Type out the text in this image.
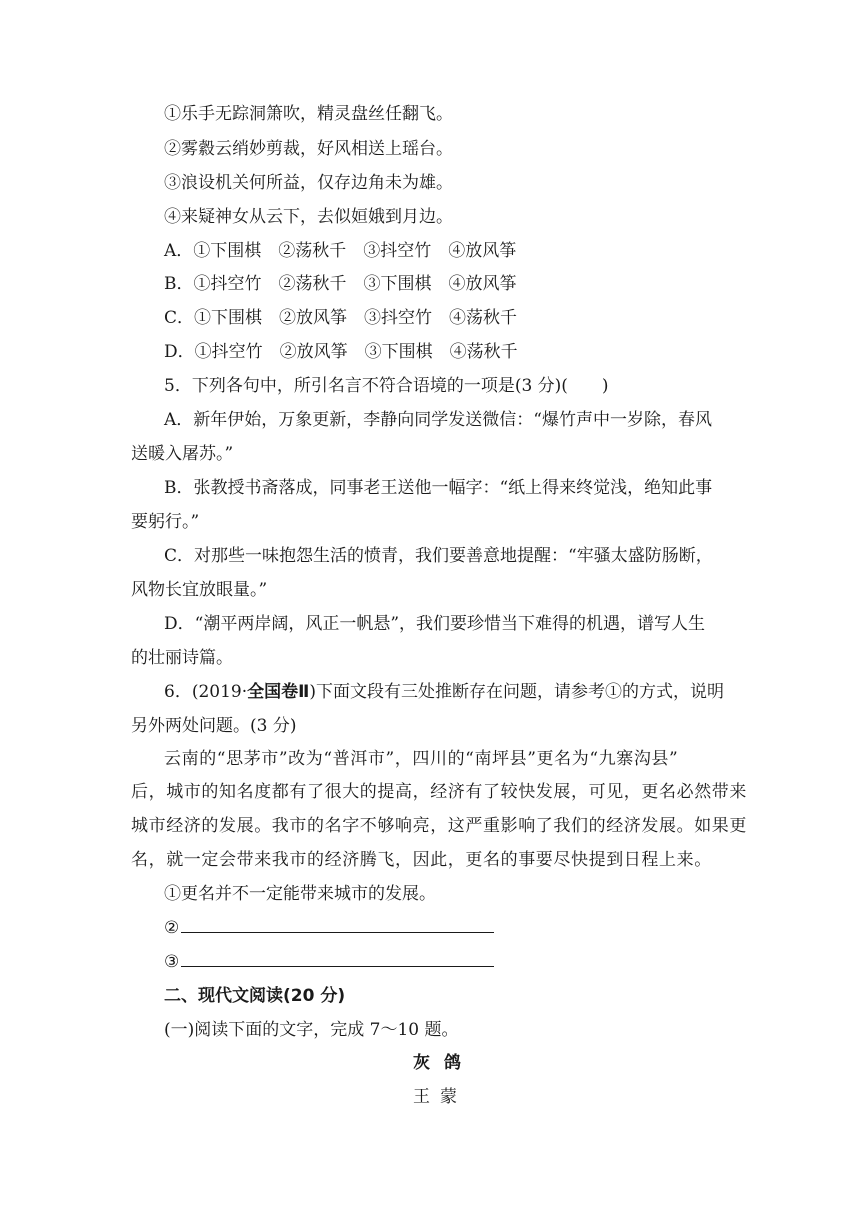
①乐手无踪洞箫吹，精灵盘丝任翻飞。
②雾縠云绡妙剪裁，好风相送上瑶台。
③浪设机关何所益，仅存边角未为雄。
④来疑神女从云下，去似姮娥到月边。
A．①下围棋　②荡秋千　③抖空竹　④放风筝
B．①抖空竹　②荡秋千　③下围棋　④放风筝
C．①下围棋　②放风筝　③抖空竹　④荡秋千
D．①抖空竹　②放风筝　③下围棋　④荡秋千
5．下列各句中，所引名言不符合语境的一项是(3 分)(　　)
A．新年伊始，万象更新，李静向同学发送微信：“爆竹声中一岁除，春风
送暖入屠苏。”
B．张教授书斋落成，同事老王送他一幅字：“纸上得来终觉浅，绝知此事
要躬行。”
C．对那些一味抱怨生活的愤青，我们要善意地提醒：“牢骚太盛防肠断，
风物长宜放眼量。”
D．“潮平两岸阔，风正一帆悬”，我们要珍惜当下难得的机遇，谱写人生
的壮丽诗篇。
6．(2019·全国卷Ⅱ)下面文段有三处推断存在问题，请参考①的方式，说明
另外两处问题。(3 分)
云南的“思茅市”改为“普洱市”，四川的“南坪县”更名为“九寨沟县”
后，城市的知名度都有了很大的提高，经济有了较快发展，可见，更名必然带来
城市经济的发展。我市的名字不够响亮，这严重影响了我们的经济发展。如果更
名，就一定会带来我市的经济腾飞，因此，更名的事要尽快提到日程上来。
①更名并不一定能带来城市的发展。
②
③
二、现代文阅读(20 分)
(一)阅读下面的文字，完成 7～10 题。
灰鸽
王蒙
